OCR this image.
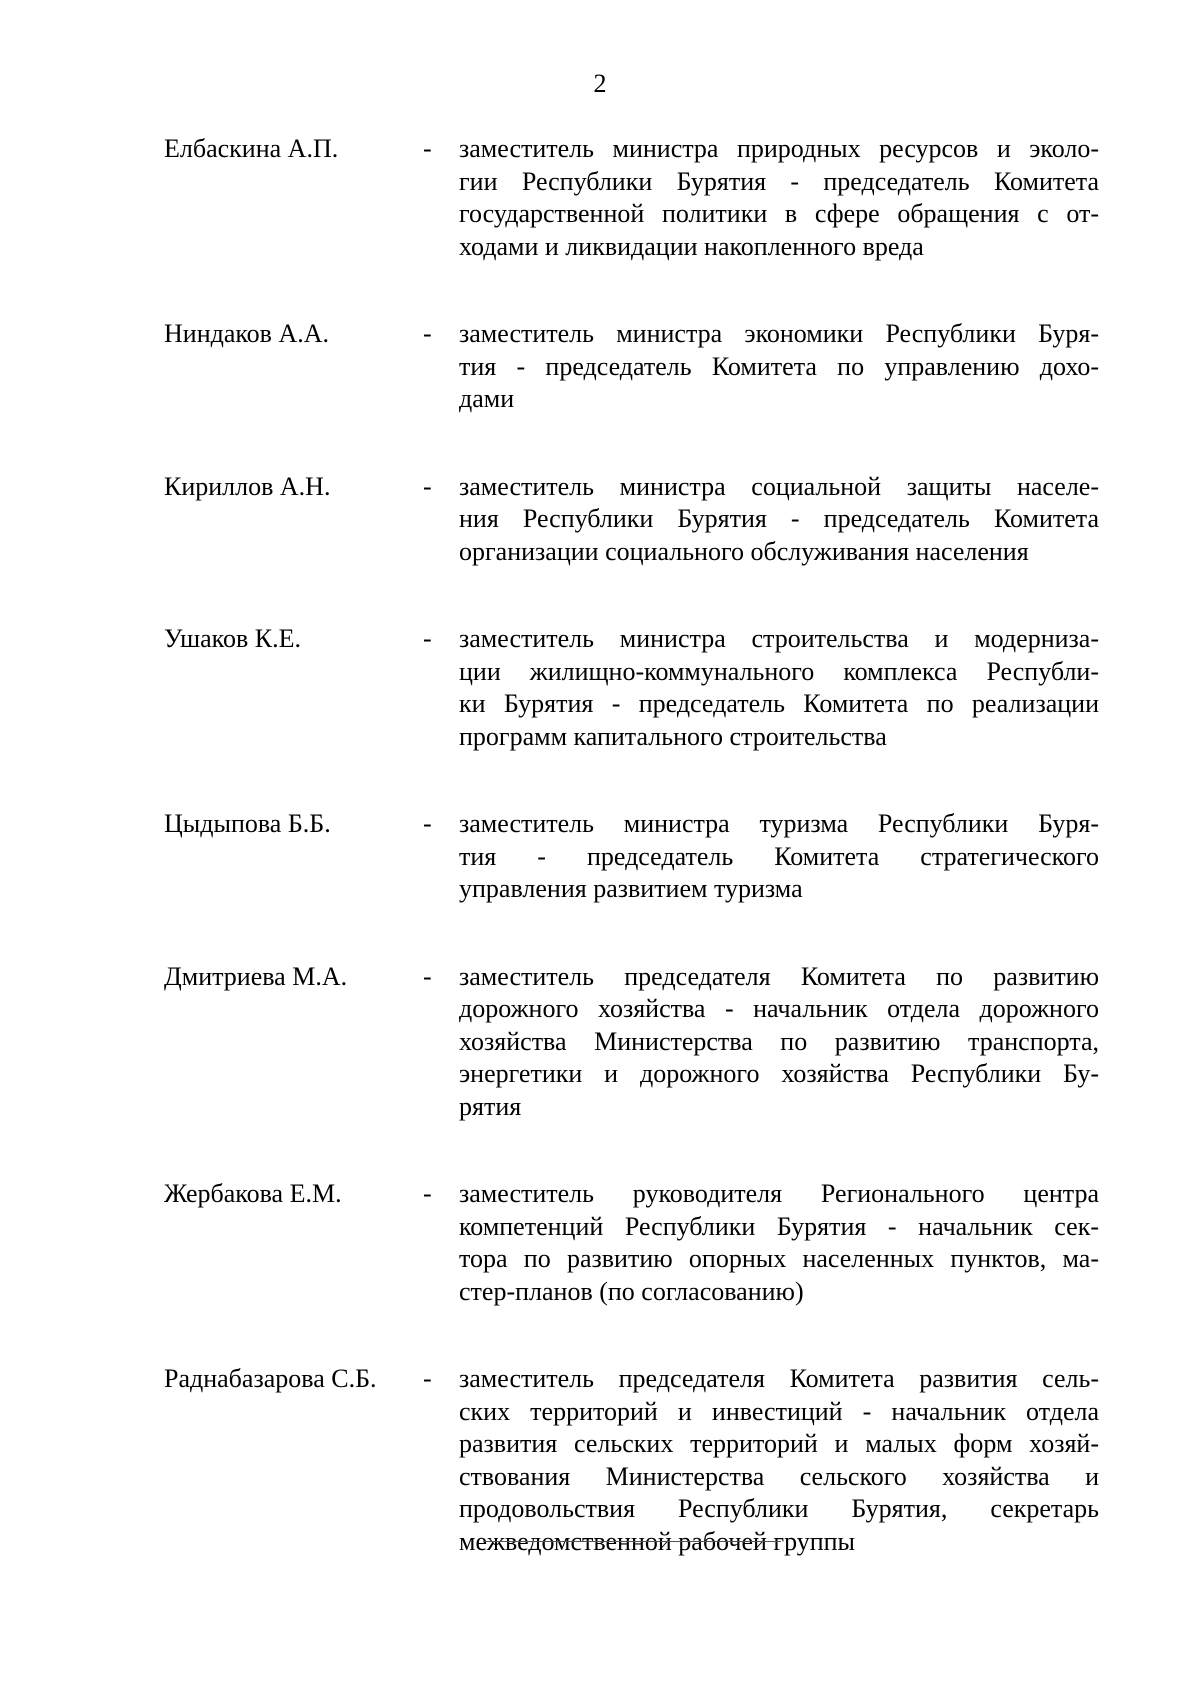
2
Елбаскина А.П.	- заместитель министра природных ресурсов и эколо-
гии Республики Бурятия - председатель Комитета
государственной политики в сфере обращения с от-
ходами и ликвидации накопленного вреда
Ниндаков А.А.	- заместитель министра экономики Республики Буря-
тия - председатель Комитета по управлению дохо-
дами
Кириллов А.Н.	- заместитель министра социальной защиты населе-
ния Республики Бурятия - председатель Комитета
организации социального обслуживания населения
Ушаков К.Е.	- заместитель министра строительства и модерниза-
ции жилищно-коммунального комплекса Республи-
ки Бурятия - председатель Комитета по реализации
программ капитального строительства
Цыдыпова Б.Б.	- заместитель министра туризма Республики Буря-
тия - председатель Комитета стратегического
управления развитием туризма
Дмитриева М.А.	- заместитель председателя Комитета по развитию
дорожного хозяйства - начальник отдела дорожного
хозяйства Министерства по развитию транспорта,
энергетики и дорожного хозяйства Республики Бу-
рятия
Жербакова Е.М.	- заместитель руководителя Регионального центра
компетенций Республики Бурятия - начальник сек-
тора по развитию опорных населенных пунктов, ма-
стер-планов (по согласованию)
Раднабазарова С.Б. - заместитель председателя Комитета развития сель-
ских территорий и инвестиций - начальник отдела
развития сельских территорий и малых форм хозяй-
ствования Министерства сельского хозяйства и
продовольствия Республики Бурятия, секретарь
межведомственной рабочей группы
